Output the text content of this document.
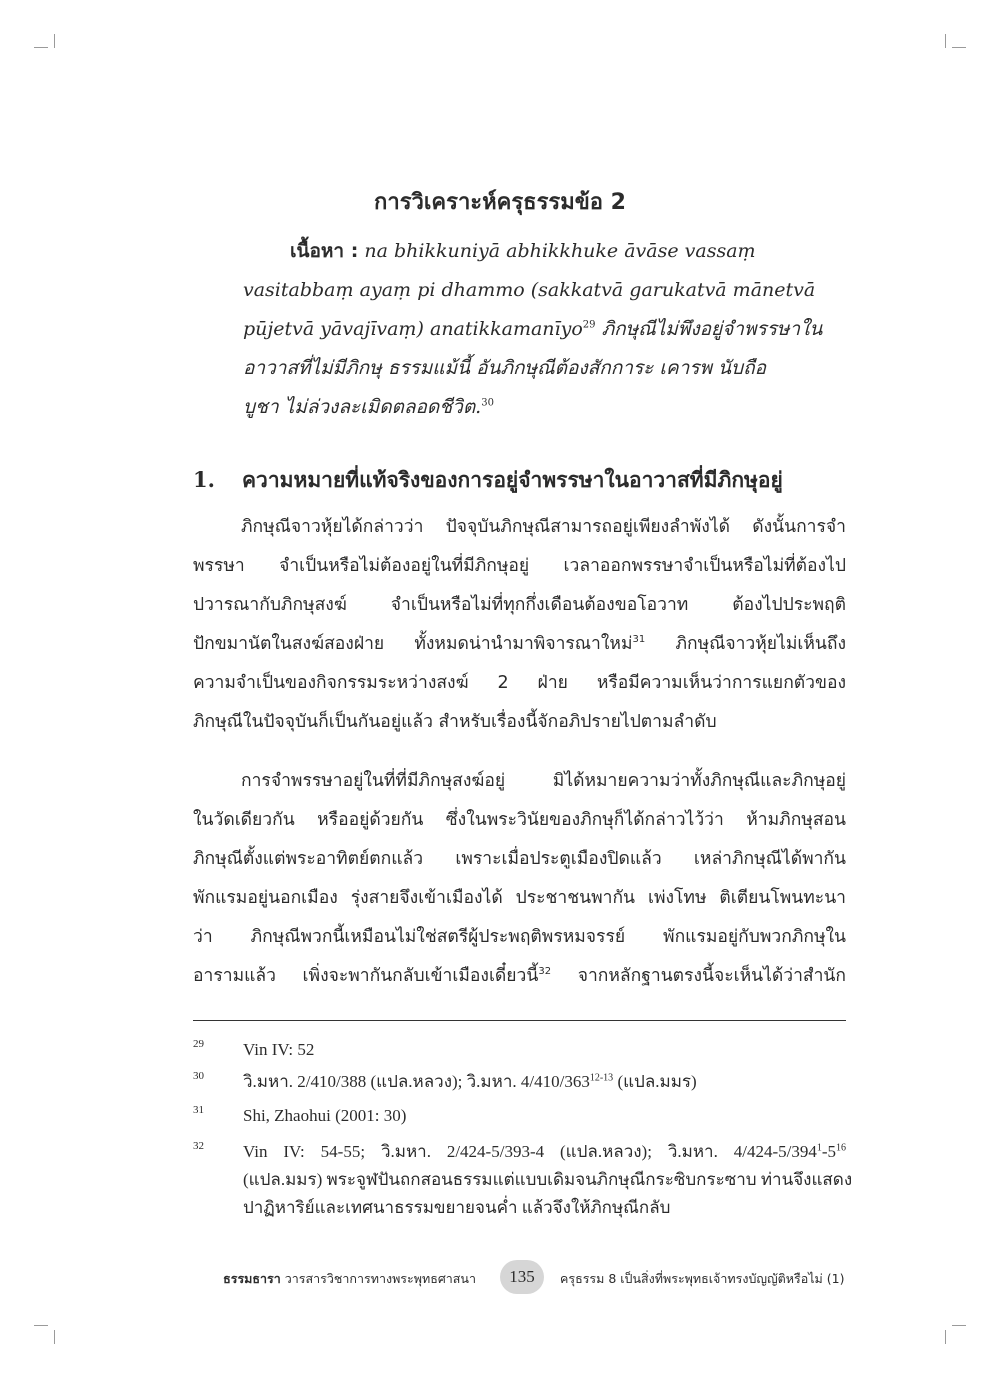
การวิเคราะห์ครุธรรมข้อ 2
เนื้อหา : na bhikkuniyā abhikkhuke āvāse vassaṃ
vasitabbaṃ ayaṃ pi dhammo (sakkatvā garukatvā mānetvā
pūjetvā yāvajīvaṃ) anatikkamanīyo$^{29}$ ภิกษุณีไม่พึงอยู่จำพรรษาใน
อาวาสที่ไม่มีภิกษุ ธรรมแม้นี้ อันภิกษุณีต้องสักการะ เคารพ นับถือ
บูชา ไม่ล่วงละเมิดตลอดชีวิต.$^{30}$
1. ความหมายที่แท้จริงของการอยู่จำพรรษาในอาวาสที่มีภิกษุอยู่
ภิกษุณีจาวหุ้ยได้กล่าวว่า ปัจจุบันภิกษุณีสามารถอยู่เพียงลำพังได้ ดังนั้นการจำ
พรรษา จำเป็นหรือไม่ต้องอยู่ในที่มีภิกษุอยู่ เวลาออกพรรษาจำเป็นหรือไม่ที่ต้องไป
ปวารณากับภิกษุสงฆ์ จำเป็นหรือไม่ที่ทุกกึ่งเดือนต้องขอโอวาท ต้องไปประพฤติ
ปักขมานัตในสงฆ์สองฝ่าย ทั้งหมดน่านำมาพิจารณาใหม่$^{31}$ ภิกษุณีจาวหุ้ยไม่เห็นถึง
ความจำเป็นของกิจกรรมระหว่างสงฆ์ 2 ฝ่าย หรือมีความเห็นว่าการแยกตัวของ
ภิกษุณีในปัจจุบันก็เป็นกันอยู่แล้ว สำหรับเรื่องนี้จักอภิปรายไปตามลำดับ
การจำพรรษาอยู่ในที่ที่มีภิกษุสงฆ์อยู่ มิได้หมายความว่าทั้งภิกษุณีและภิกษุอยู่
ในวัดเดียวกัน หรืออยู่ด้วยกัน ซึ่งในพระวินัยของภิกษุก็ได้กล่าวไว้ว่า ห้ามภิกษุสอน
ภิกษุณีตั้งแต่พระอาทิตย์ตกแล้ว เพราะเมื่อประตูเมืองปิดแล้ว เหล่าภิกษุณีได้พากัน
พักแรมอยู่นอกเมือง รุ่งสายจึงเข้าเมืองได้ ประชาชนพากัน เพ่งโทษ ติเตียนโพนทะนา
ว่า ภิกษุณีพวกนี้เหมือนไม่ใช่สตรีผู้ประพฤติพรหมจรรย์ พักแรมอยู่กับพวกภิกษุใน
อารามแล้ว เพิ่งจะพากันกลับเข้าเมืองเดี๋ยวนี้$^{32}$ จากหลักฐานตรงนี้จะเห็นได้ว่าสำนัก
29 Vin IV: 52
30 วิ.มหา. 2/410/388 (แปล.หลวง); วิ.มหา. 4/410/363$^{12-13}$ (แปล.มมร)
31 Shi, Zhaohui (2001: 30)
32 Vin IV: 54-55; วิ.มหา. 2/424-5/393-4 (แปล.หลวง); วิ.มหา. $4/424-5/394^1-5^{16}$
(แปล.มมร) พระจูฬปันถกสอนธรรมแต่แบบเดิมจนภิกษุณีกระซิบกระซาบ ท่านจึงแสดง
ปาฏิหาริย์และเทศนาธรรมขยายจนค่ำ แล้วจึงให้ภิกษุณีกลับ
ธรรมธารา วารสารวิชาการทางพระพุทธศาสนา	135	ครุธรรม 8 เป็นสิ่งที่พระพุทธเจ้าทรงบัญญัติหรือไม่ (1)
